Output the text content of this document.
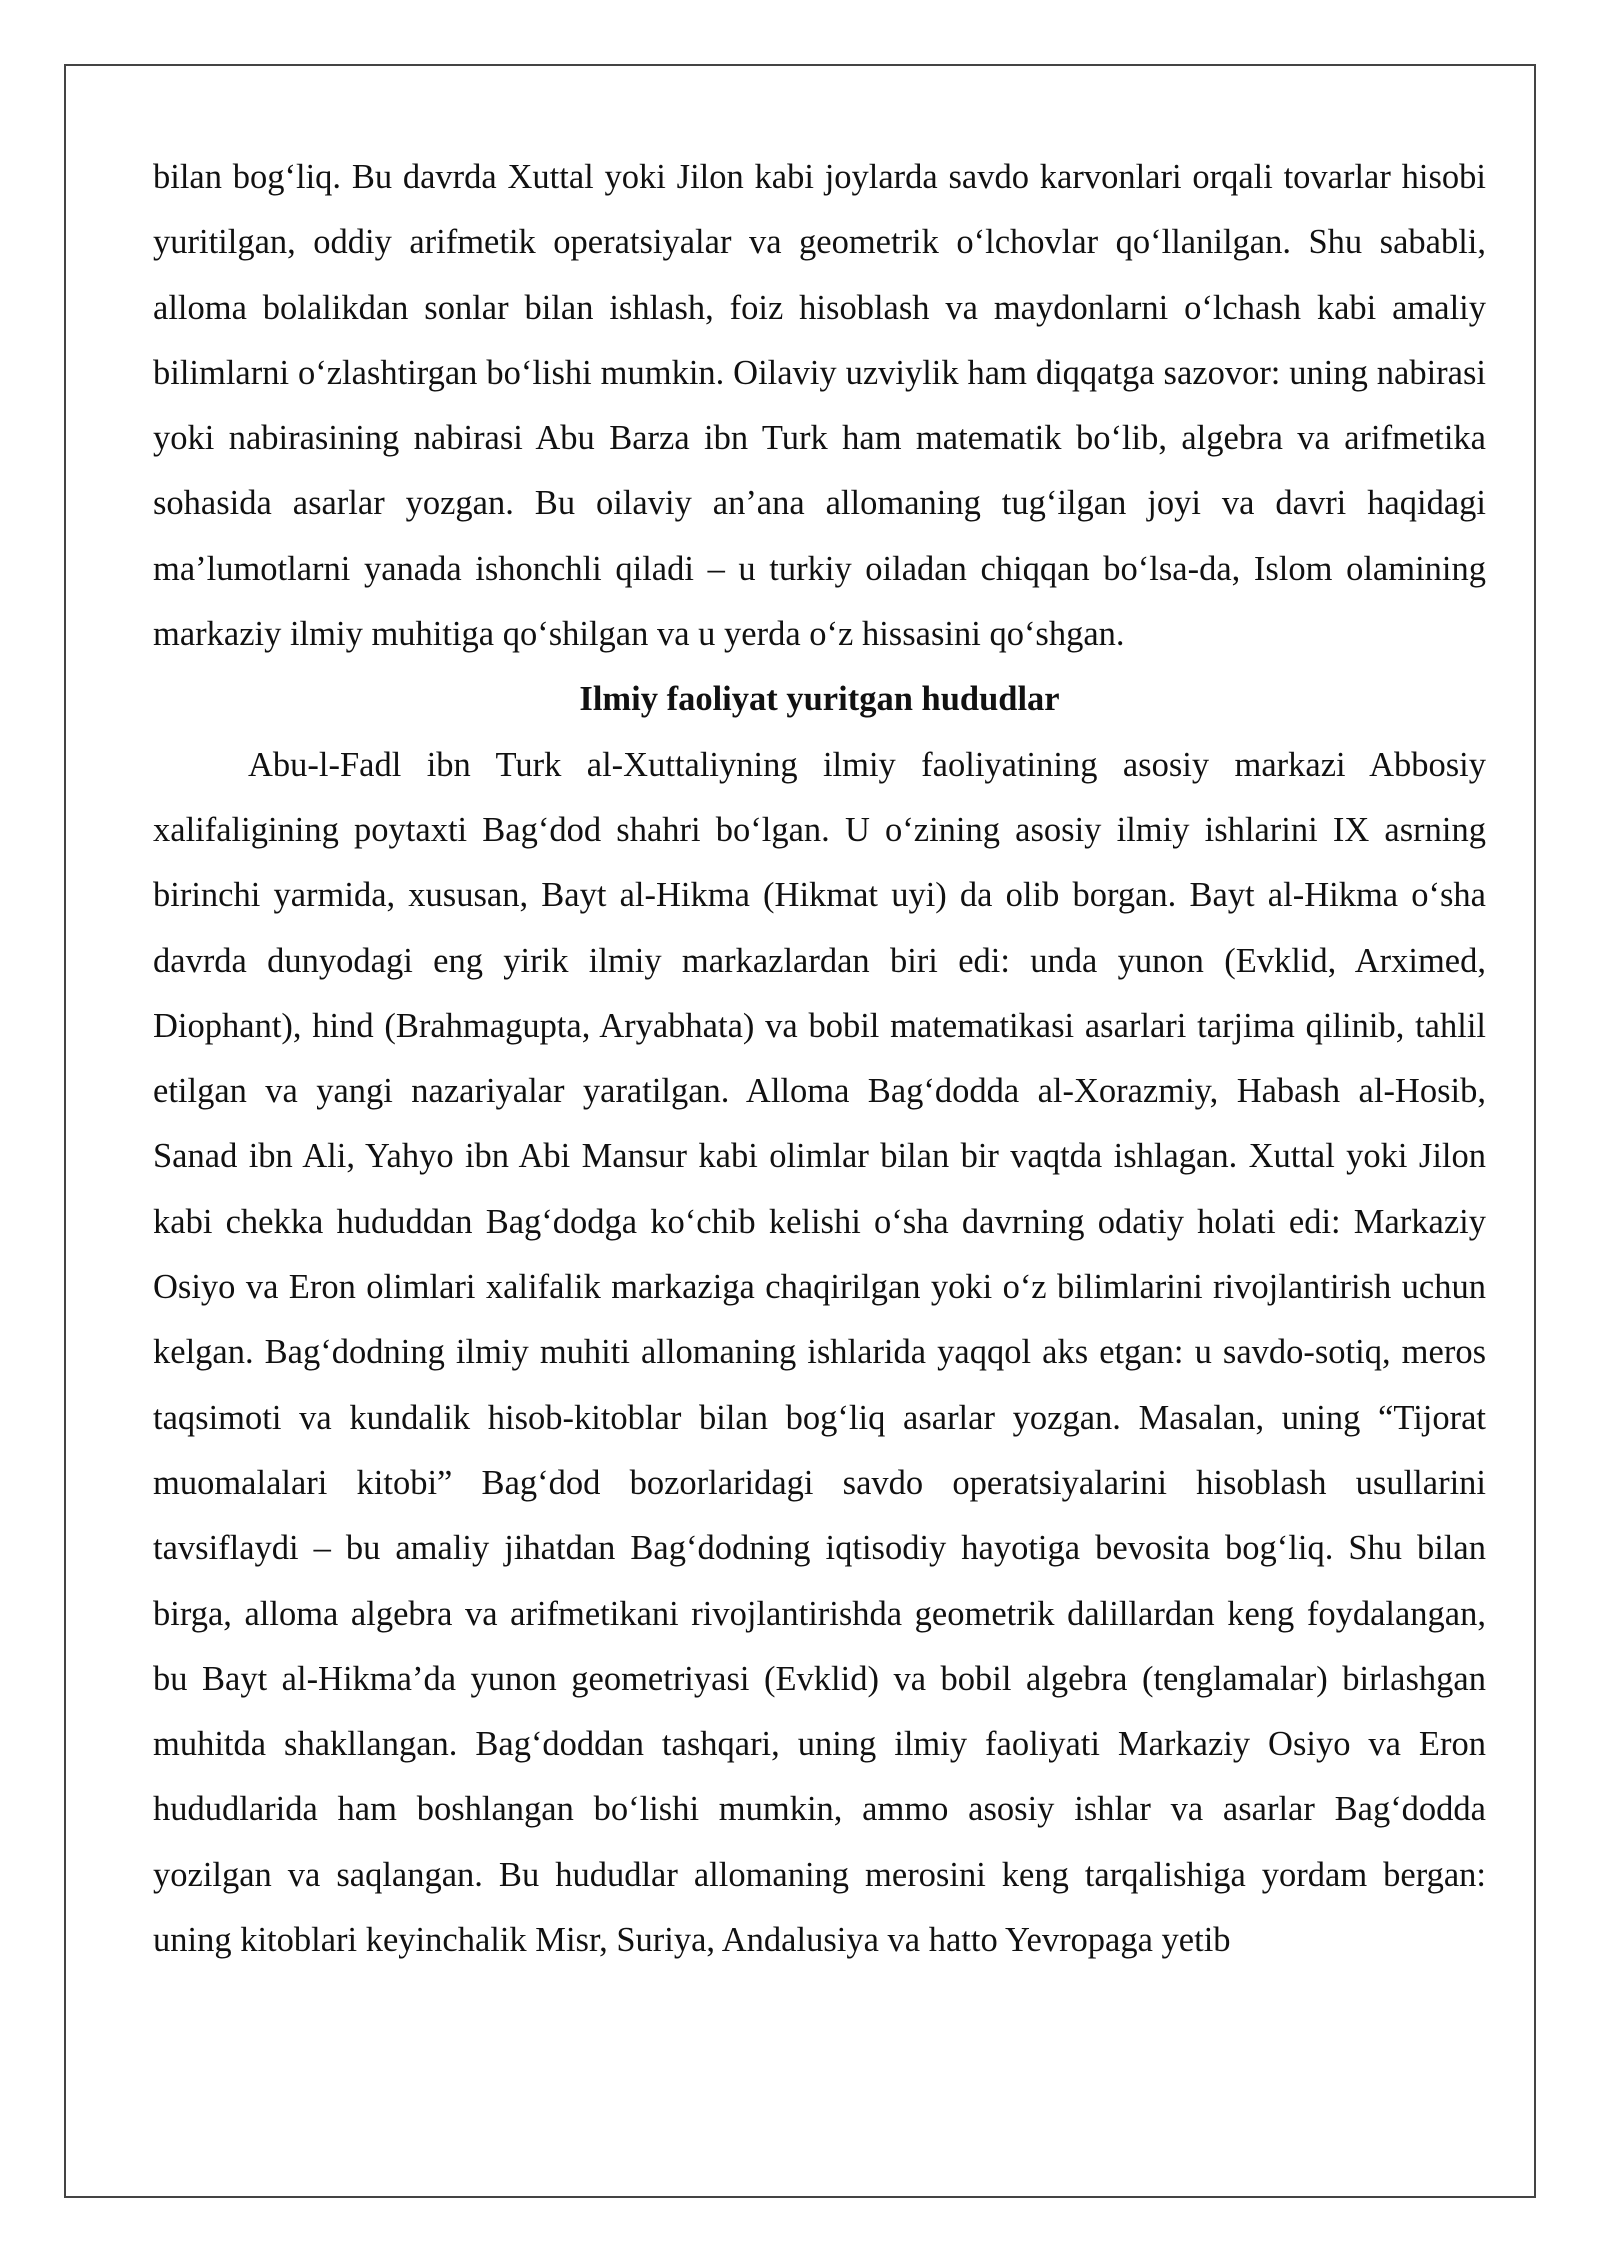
bilan bog‘liq. Bu davrda Xuttal yoki Jilon kabi joylarda savdo karvonlari orqali tovarlar hisobi yuritilgan, oddiy arifmetik operatsiyalar va geometrik o‘lchovlar qo‘llanilgan. Shu sababli, alloma bolalikdan sonlar bilan ishlash, foiz hisoblash va maydonlarni o‘lchash kabi amaliy bilimlarni o‘zlashtirgan bo‘lishi mumkin. Oilaviy uzviylik ham diqqatga sazovor: uning nabirasi yoki nabirasining nabirasi Abu Barza ibn Turk ham matematik bo‘lib, algebra va arifmetika sohasida asarlar yozgan. Bu oilaviy an’ana allomaning tug‘ilgan joyi va davri haqidagi ma’lumotlarni yanada ishonchli qiladi – u turkiy oiladan chiqqan bo‘lsa-da, Islom olamining markaziy ilmiy muhitiga qo‘shilgan va u yerda o‘z hissasini qo‘shgan.

Ilmiy faoliyat yuritgan hududlar

Abu-l-Fadl ibn Turk al-Xuttaliyning ilmiy faoliyatining asosiy markazi Abbosiy xalifaligining poytaxti Bag‘dod shahri bo‘lgan. U o‘zining asosiy ilmiy ishlarini IX asrning birinchi yarmida, xususan, Bayt al-Hikma (Hikmat uyi) da olib borgan. Bayt al-Hikma o‘sha davrda dunyodagi eng yirik ilmiy markazlardan biri edi: unda yunon (Evklid, Arximed, Diophant), hind (Brahmagupta, Aryabhata) va bobil matematikasi asarlari tarjima qilinib, tahlil etilgan va yangi nazariyalar yaratilgan. Alloma Bag‘dodda al-Xorazmiy, Habash al-Hosib, Sanad ibn Ali, Yahyo ibn Abi Mansur kabi olimlar bilan bir vaqtda ishlagan. Xuttal yoki Jilon kabi chekka hududdan Bag‘dodga ko‘chib kelishi o‘sha davrning odatiy holati edi: Markaziy Osiyo va Eron olimlari xalifalik markaziga chaqirilgan yoki o‘z bilimlarini rivojlantirish uchun kelgan. Bag‘dodning ilmiy muhiti allomaning ishlarida yaqqol aks etgan: u savdo-sotiq, meros taqsimoti va kundalik hisob-kitoblar bilan bog‘liq asarlar yozgan. Masalan, uning “Tijorat muomalalari kitobi” Bag‘dod bozorlaridagi savdo operatsiyalarini hisoblash usullarini tavsiflaydi – bu amaliy jihatdan Bag‘dodning iqtisodiy hayotiga bevosita bog‘liq. Shu bilan birga, alloma algebra va arifmetikani rivojlantirishda geometrik dalillardan keng foydalangan, bu Bayt al-Hikma’da yunon geometriyasi (Evklid) va bobil algebra (tenglamalar) birlashgan muhitda shakllangan. Bag‘doddan tashqari, uning ilmiy faoliyati Markaziy Osiyo va Eron hududlarida ham boshlangan bo‘lishi mumkin, ammo asosiy ishlar va asarlar Bag‘dodda yozilgan va saqlangan. Bu hududlar allomaning merosini keng tarqalishiga yordam bergan: uning kitoblari keyinchalik Misr, Suriya, Andalusiya va hatto Yevropaga yetib
